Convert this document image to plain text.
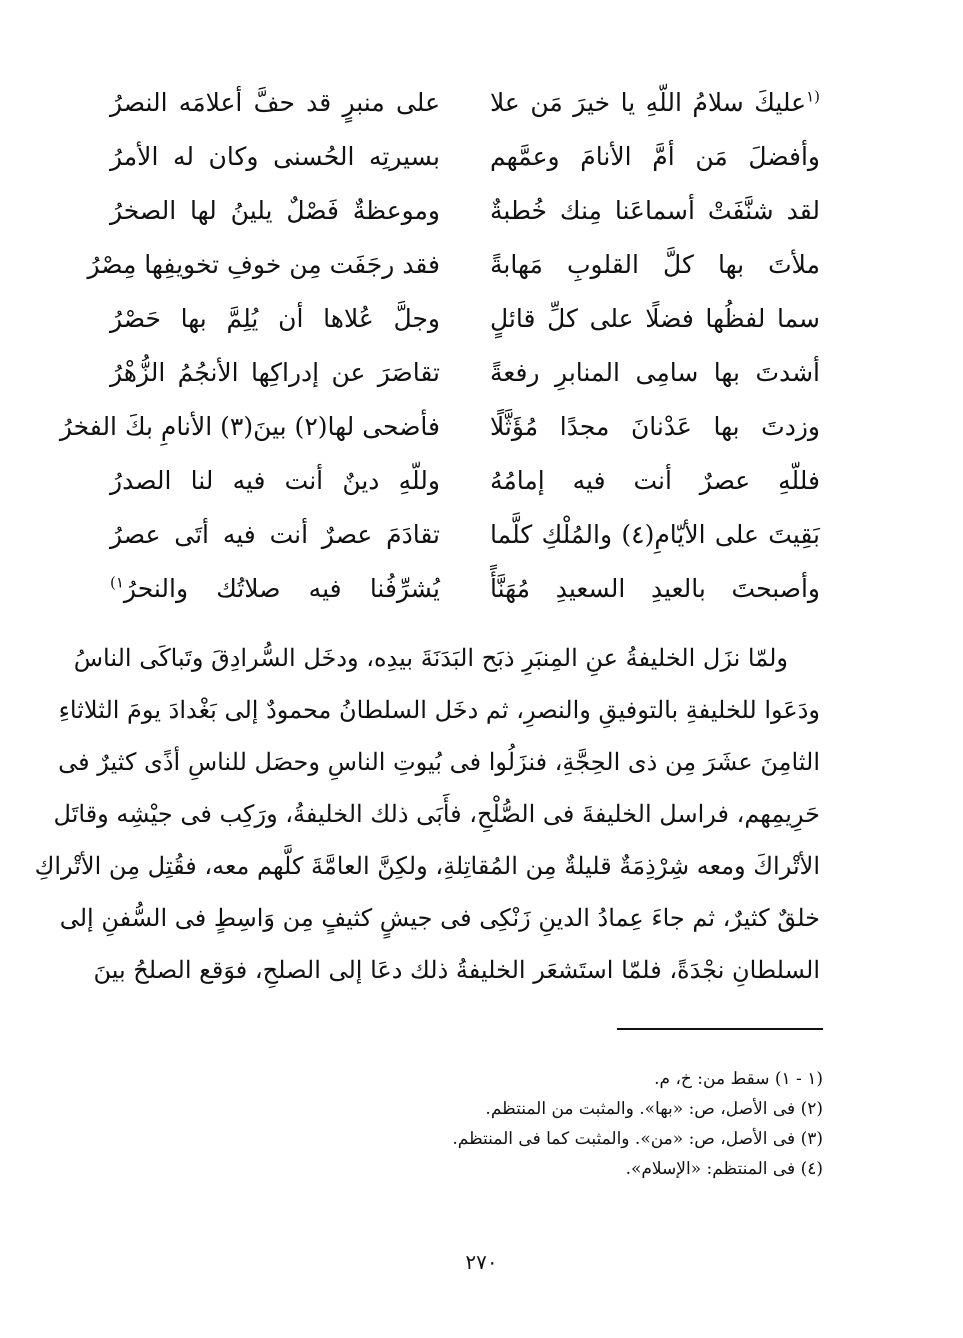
$^{(١}$عليكَ سلامُ اللّهِ يا خيرَ مَن علا
على منبرٍ قد حفَّ أعلامَه النصرُ
وأفضلَ مَن أمَّ الأنامَ وعمَّهم
بسيرتِه الحُسنى وكان له الأمرُ
لقد شنَّفَتْ أسماعَنا مِنك خُطبةٌ
وموعظةٌ فَصْلٌ يلينُ لها الصخرُ
ملأتَ بها كلَّ القلوبِ مَهابةً
فقد رجَفَت مِن خوفِ تخويفِها مِصْرُ
سما لفظُها فضلًا على كلِّ قائلٍ
وجلَّ عُلاها أن يُلِمَّ بها حَصْرُ
أشدتَ بها سامِى المنابرِ رفعةً
تقاصَرَ عن إدراكِها الأنجُمُ الزُّهْرُ
وزدتَ بها عَدْنانَ مجدًا مُؤَثَّلًا
فأضحى لها(٢) بينَ(٣) الأنامِ بكَ الفخرُ
فللّهِ عصرٌ أنت فيه إمامُهُ
وللّهِ دينٌ أنت فيه لنا الصدرُ
بَقِيتَ على الأيّامِ(٤) والمُلْكِ كلَّما
تقادَمَ عصرٌ أنت فيه أتَى عصرُ
وأصبحتَ بالعيدِ السعيدِ مُهَنَّأً
يُشرِّفُنا فيه صلاتُك والنحرُ$^{١)}$
ولمّا نزَل الخليفةُ عنِ المِنبَرِ ذبَح البَدَنَةَ بيدِه، ودخَل السُّرادِقَ وتَباكَى الناسُ
ودَعَوا للخليفةِ بالتوفيقِ والنصرِ، ثم دخَل السلطانُ محمودٌ إلى بَغْدادَ يومَ الثلاثاءِ
الثامِنَ عشَرَ مِن ذى الحِجَّةِ، فنزَلُوا فى بُيوتِ الناسِ وحصَل للناسِ أذًى كثيرٌ فى
حَرِيمِهم، فراسل الخليفةَ فى الصُّلْحِ، فأَبَى ذلك الخليفةُ، ورَكِب فى جيْشِه وقاتَل
الأتْراكَ ومعه شِرْذِمَةٌ قليلةٌ مِن المُقاتِلةِ، ولكِنَّ العامَّةَ كلَّهم معه، فقُتِل مِن الأتْراكِ
خلقٌ كثيرٌ، ثم جاءَ عِمادُ الدينِ زَنْكِى فى جيشٍ كثيفٍ مِن وَاسِطٍ فى السُّفنِ إلى
السلطانِ نجْدَةً، فلمّا استَشعَر الخليفةُ ذلك دعَا إلى الصلحِ، فوَقع الصلحُ بينَ
(١ - ١) سقط من: خ، م.
(٢) فى الأصل، ص: «بها». والمثبت من المنتظم.
(٣) فى الأصل، ص: «من». والمثبت كما فى المنتظم.
(٤) فى المنتظم: «الإسلام».
٢٧٠
